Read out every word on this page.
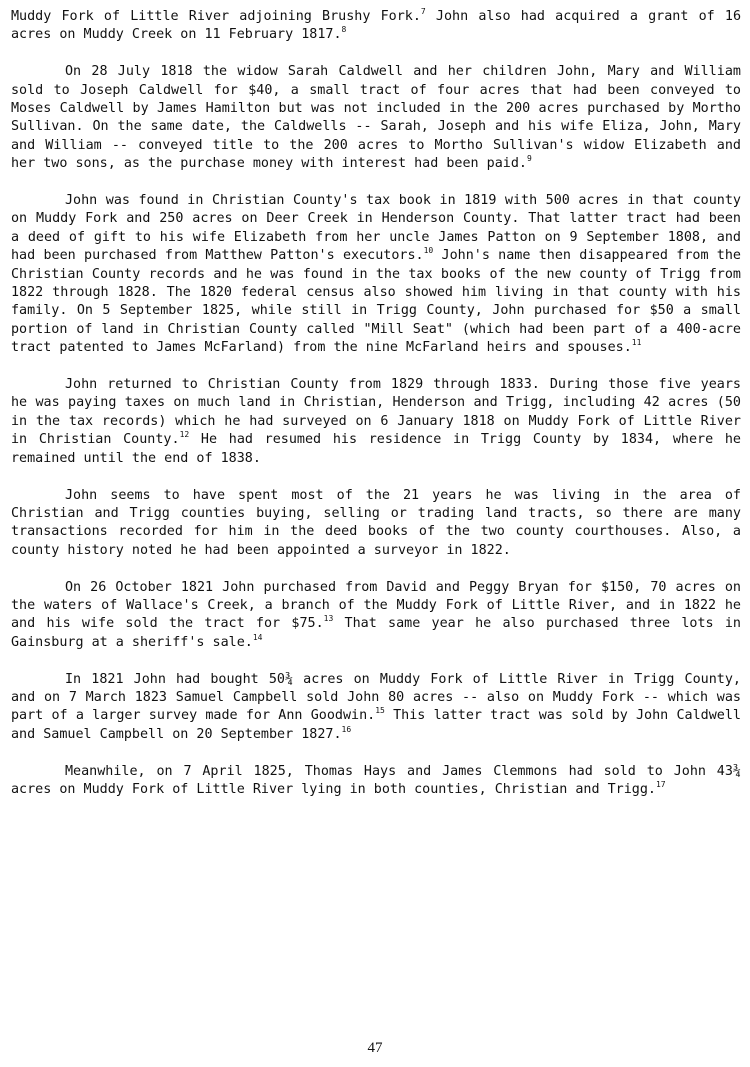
Muddy Fork of Little River adjoining Brushy Fork.$^7$ John also had acquired a grant of 16 acres on Muddy Creek on 11 February 1817.$^8$

On 28 July 1818 the widow Sarah Caldwell and her children John, Mary and William sold to Joseph Caldwell for $40, a small tract of four acres that had been conveyed to Moses Caldwell by James Hamilton but was not included in the 200 acres purchased by Mortho Sullivan. On the same date, the Caldwells -- Sarah, Joseph and his wife Eliza, John, Mary and William -- conveyed title to the 200 acres to Mortho Sullivan's widow Elizabeth and her two sons, as the purchase money with interest had been paid.$^9$

John was found in Christian County's tax book in 1819 with 500 acres in that county on Muddy Fork and 250 acres on Deer Creek in Henderson County. That latter tract had been a deed of gift to his wife Elizabeth from her uncle James Patton on 9 September 1808, and had been purchased from Matthew Patton's executors.$^{10}$ John's name then disappeared from the Christian County records and he was found in the tax books of the new county of Trigg from 1822 through 1828. The 1820 federal census also showed him living in that county with his family. On 5 September 1825, while still in Trigg County, John purchased for $50 a small portion of land in Christian County called "Mill Seat" (which had been part of a 400-acre tract patented to James McFarland) from the nine McFarland heirs and spouses.$^{11}$

John returned to Christian County from 1829 through 1833. During those five years he was paying taxes on much land in Christian, Henderson and Trigg, including 42 acres (50 in the tax records) which he had surveyed on 6 January 1818 on Muddy Fork of Little River in Christian County.$^{12}$ He had resumed his residence in Trigg County by 1834, where he remained until the end of 1838.

John seems to have spent most of the 21 years he was living in the area of Christian and Trigg counties buying, selling or trading land tracts, so there are many transactions recorded for him in the deed books of the two county courthouses. Also, a county history noted he had been appointed a surveyor in 1822.

On 26 October 1821 John purchased from David and Peggy Bryan for $150, 70 acres on the waters of Wallace's Creek, a branch of the Muddy Fork of Little River, and in 1822 he and his wife sold the tract for $75.13 That same year he also purchased three lots in Gainsburg at a sheriff's sale.$^{14}$

In 1821 John had bought 50¾ acres on Muddy Fork of Little River in Trigg County, and on 7 March 1823 Samuel Campbell sold John 80 acres -- also on Muddy Fork -- which was part of a larger survey made for Ann Goodwin.$^{15}$ This latter tract was sold by John Caldwell and Samuel Campbell on 20 September 1827.16

Meanwhile, on 7 April 1825, Thomas Hays and James Clemmons had sold to John 43¾ acres on Muddy Fork of Little River lying in both counties, Christian and Trigg.$^{17}$

47
